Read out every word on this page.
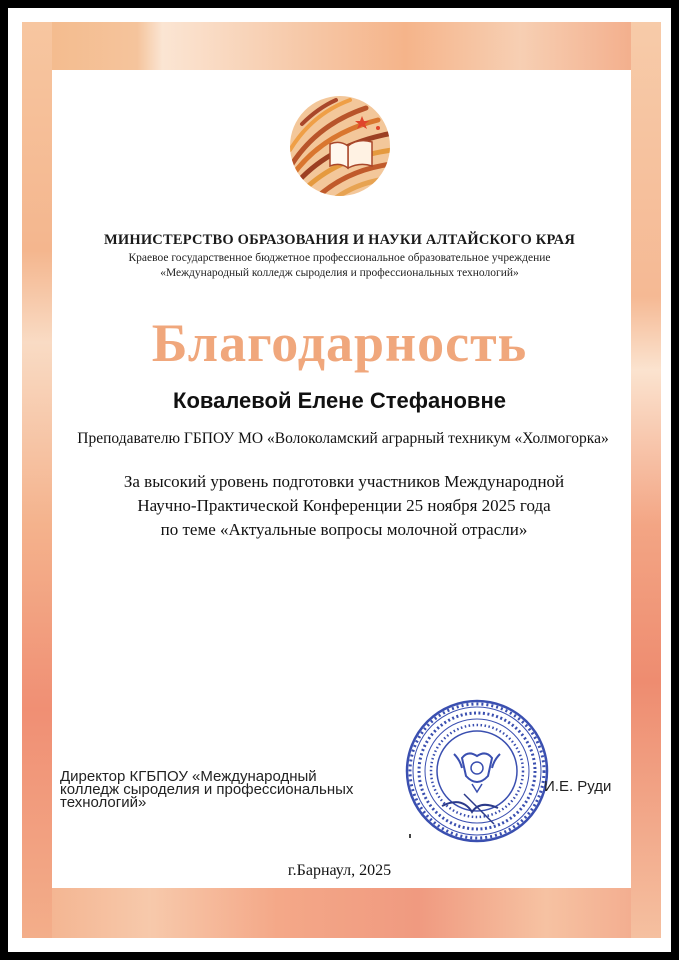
МИНИСТЕРСТВО ОБРАЗОВАНИЯ И НАУКИ АЛТАЙСКОГО КРАЯ
Краевое государственное бюджетное профессиональное образовательное учреждение
«Международный колледж сыроделия и профессиональных технологий»
Благодарность
Ковалевой Елене Стефановне
Преподавателю ГБПОУ МО «Волоколамский аграрный техникум «Холмогорка»
За высокий уровень подготовки участников Международной
Научно-Практической Конференции 25 ноября 2025 года
по теме «Актуальные вопросы молочной отрасли»
Директор КГБПОУ «Международный
колледж сыроделия и профессиональных
технологий»
И.Е. Руди
г.Барнаул, 2025
